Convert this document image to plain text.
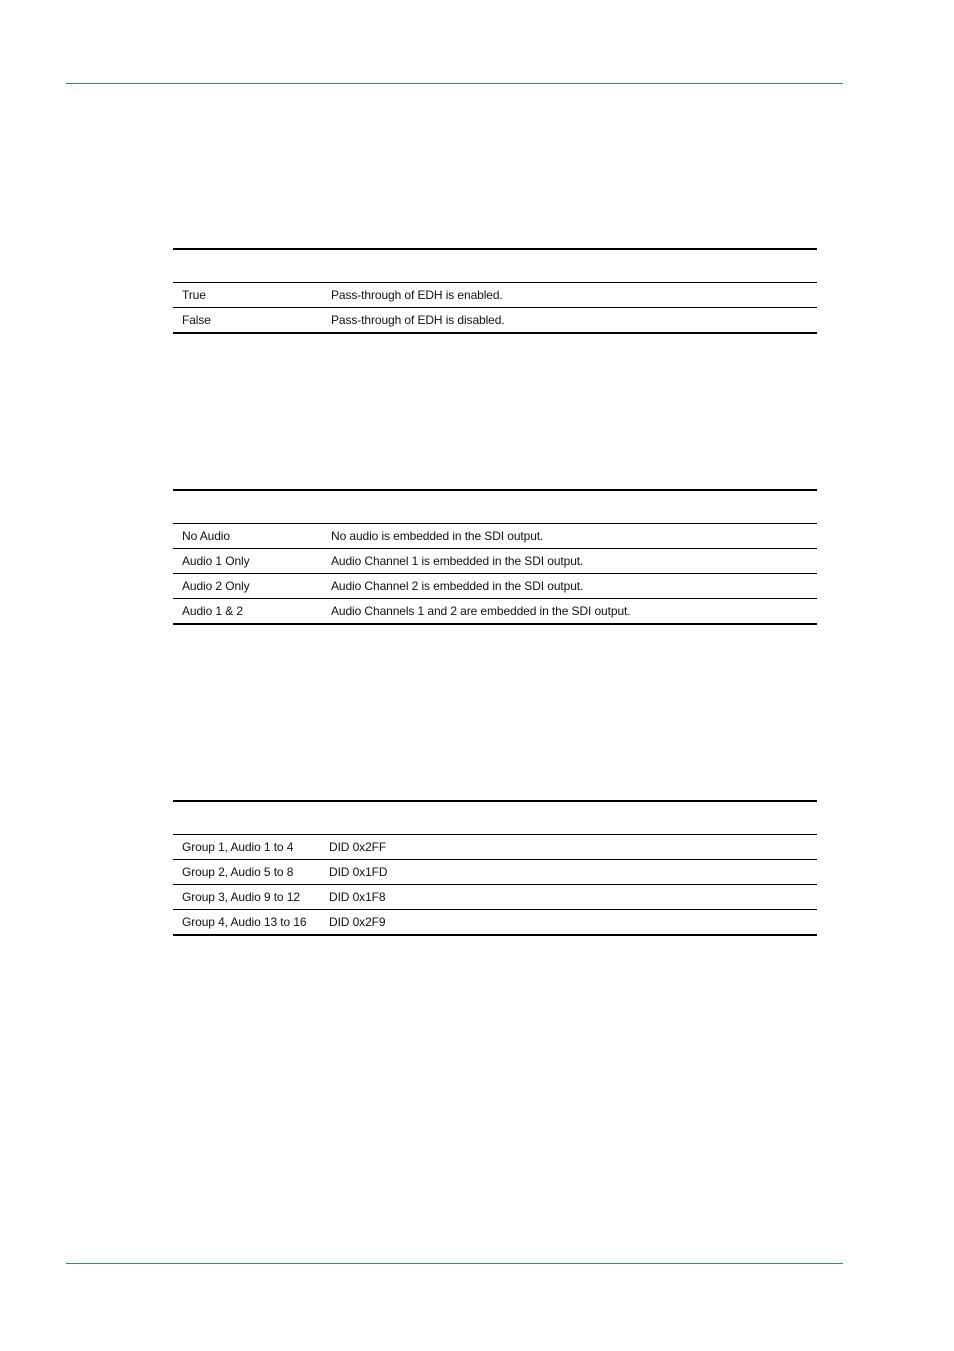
True	Pass-through of EDH is enabled.
False	Pass-through of EDH is disabled.
No Audio	No audio is embedded in the SDI output.
Audio 1 Only	Audio Channel 1 is embedded in the SDI output.
Audio 2 Only	Audio Channel 2 is embedded in the SDI output.
Audio 1 & 2	Audio Channels 1 and 2 are embedded in the SDI output.
Group 1, Audio 1 to 4	DID 0x2FF
Group 2, Audio 5 to 8	DID 0x1FD
Group 3, Audio 9 to 12	DID 0x1F8
Group 4, Audio 13 to 16	DID 0x2F9
